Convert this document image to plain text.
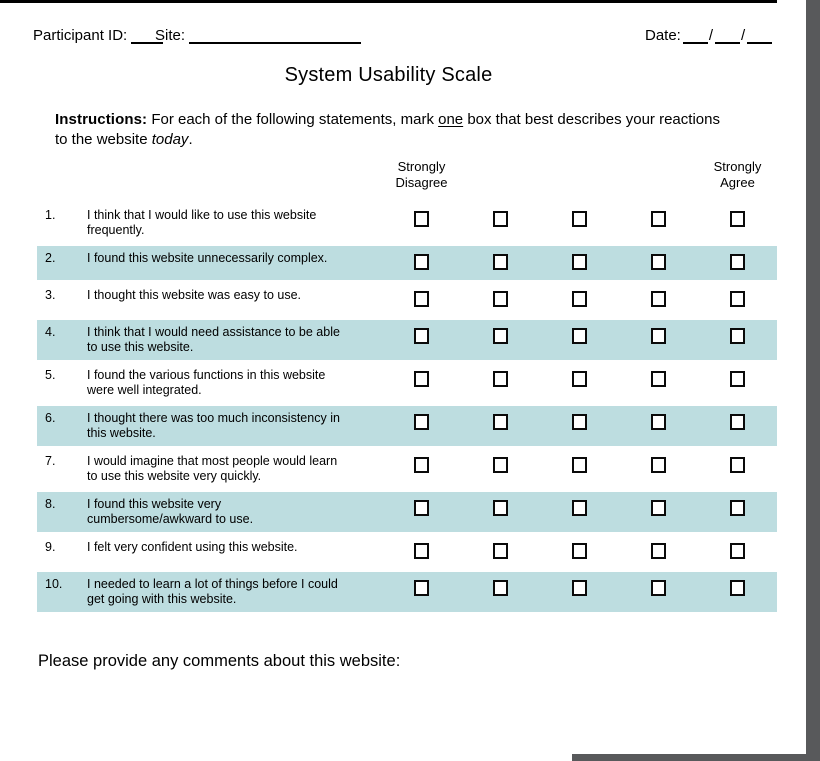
Participant ID:	Site:	Date: / /
System Usability Scale
Instructions: For each of the following statements, mark one box that best describes your reactions to the website today.
Strongly
Disagree
Strongly
Agree
1.	I think that I would like to use this website frequently.
2.	I found this website unnecessarily complex.
3.	I thought this website was easy to use.
4.	I think that I would need assistance to be able to use this website.
5.	I found the various functions in this website were well integrated.
6.	I thought there was too much inconsistency in this website.
7.	I would imagine that most people would learn to use this website very quickly.
8.	I found this website very cumbersome/awkward to use.
9.	I felt very confident using this website.
10.	I needed to learn a lot of things before I could get going with this website.
Please provide any comments about this website:
